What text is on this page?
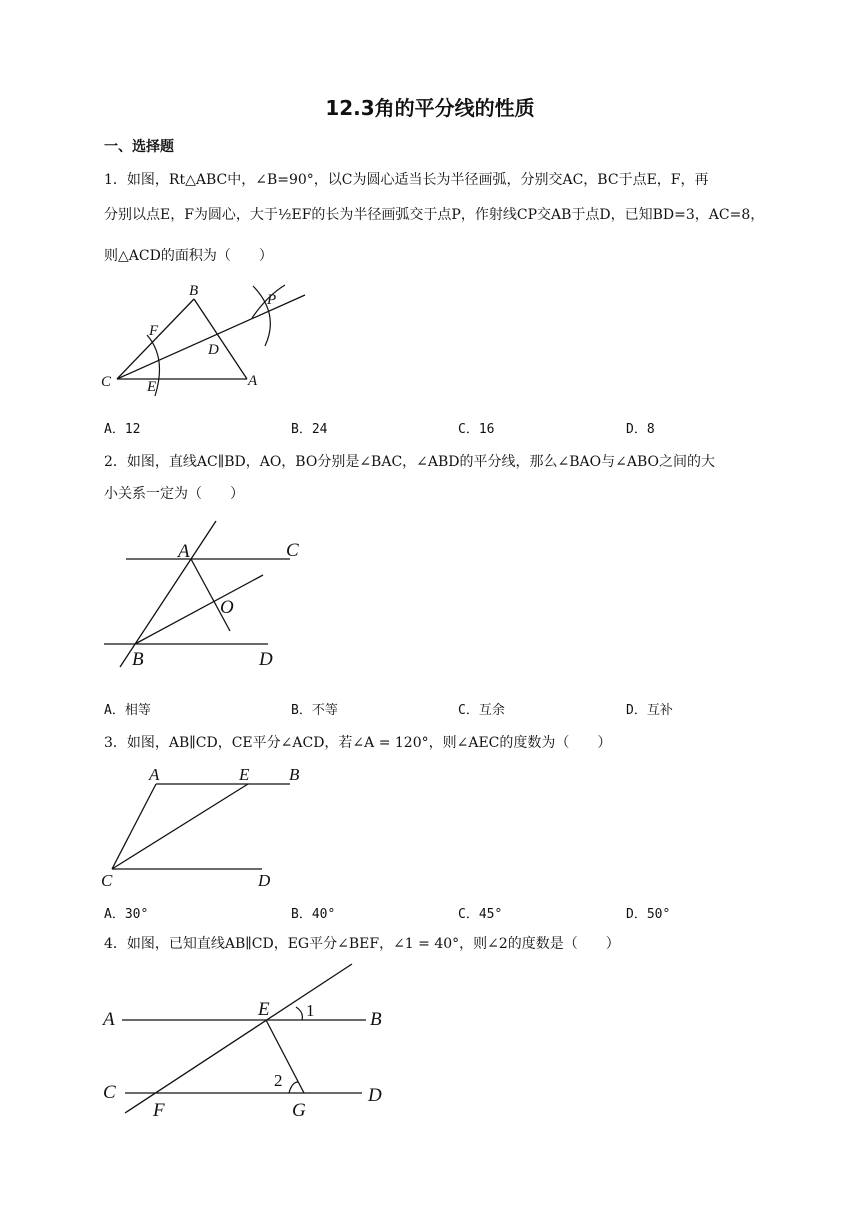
12.3角的平分线的性质
一、选择题
1．如图，Rt△ABC中，∠B=90°，以C为圆心适当长为半径画弧，分别交AC，BC于点E，F，再
分别以点E，F为圆心，大于½EF的长为半径画弧交于点P，作射线CP交AB于点D，已知BD=3，AC=8，
则△ACD的面积为（　　）
B
F
D
P
C E	A
A．12	B．24	C．16	D．8
2．如图，直线AC∥BD，AO，BO分别是∠BAC，∠ABD的平分线，那么∠BAO与∠ABO之间的大
小关系一定为（　　）
A	C
O
B	D
A．相等	B．不等	C．互余	D．互补
3．如图，AB∥CD，CE平分∠ACD，若∠A = 120°，则∠AEC的度数为（　　）
A	E B
C	D
A．30°	B．40°	C．45°	D．50°
4．如图，已知直线AB∥CD，EG平分∠BEF，∠1 = 40°，则∠2的度数是（　　）
A	E 1	B
C
2
D
F	G
